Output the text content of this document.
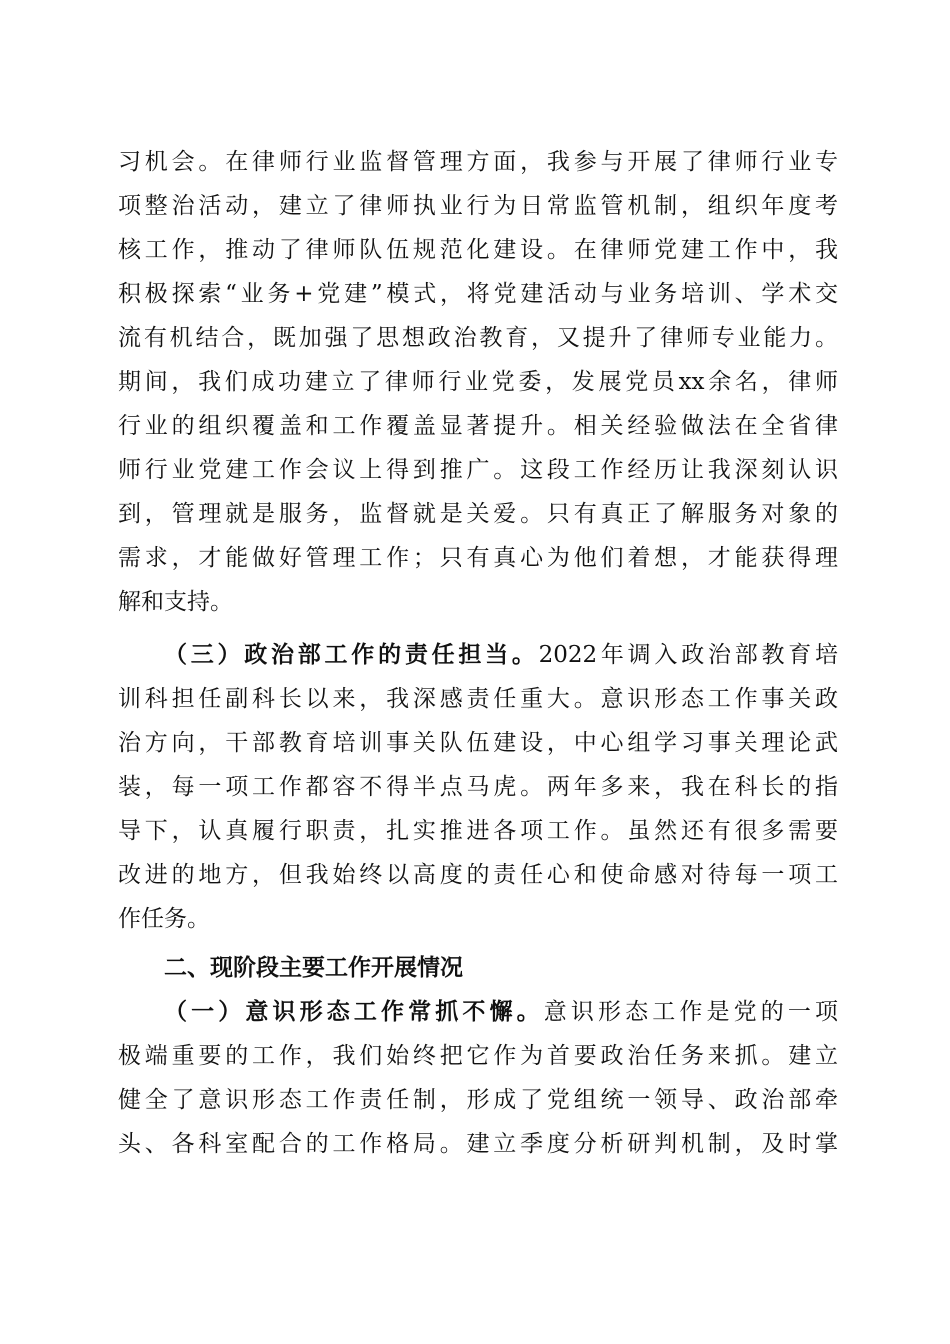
习机会。在律师行业监督管理方面，我参与开展了律师行业专
项整治活动，建立了律师执业行为日常监管机制，组织年度考
核工作，推动了律师队伍规范化建设。在律师党建工作中，我
积极探索“业务+党建”模式，将党建活动与业务培训、学术交
流有机结合，既加强了思想政治教育，又提升了律师专业能力。
期间，我们成功建立了律师行业党委，发展党员xx余名，律师
行业的组织覆盖和工作覆盖显著提升。相关经验做法在全省律
师行业党建工作会议上得到推广。这段工作经历让我深刻认识
到，管理就是服务，监督就是关爱。只有真正了解服务对象的
需求，才能做好管理工作；只有真心为他们着想，才能获得理
解和支持。
（三）政治部工作的责任担当。2022年调入政治部教育培
训科担任副科长以来，我深感责任重大。意识形态工作事关政
治方向，干部教育培训事关队伍建设，中心组学习事关理论武
装，每一项工作都容不得半点马虎。两年多来，我在科长的指
导下，认真履行职责，扎实推进各项工作。虽然还有很多需要
改进的地方，但我始终以高度的责任心和使命感对待每一项工
作任务。
二、现阶段主要工作开展情况
（一）意识形态工作常抓不懈。意识形态工作是党的一项
极端重要的工作，我们始终把它作为首要政治任务来抓。建立
健全了意识形态工作责任制，形成了党组统一领导、政治部牵
头、各科室配合的工作格局。建立季度分析研判机制，及时掌
